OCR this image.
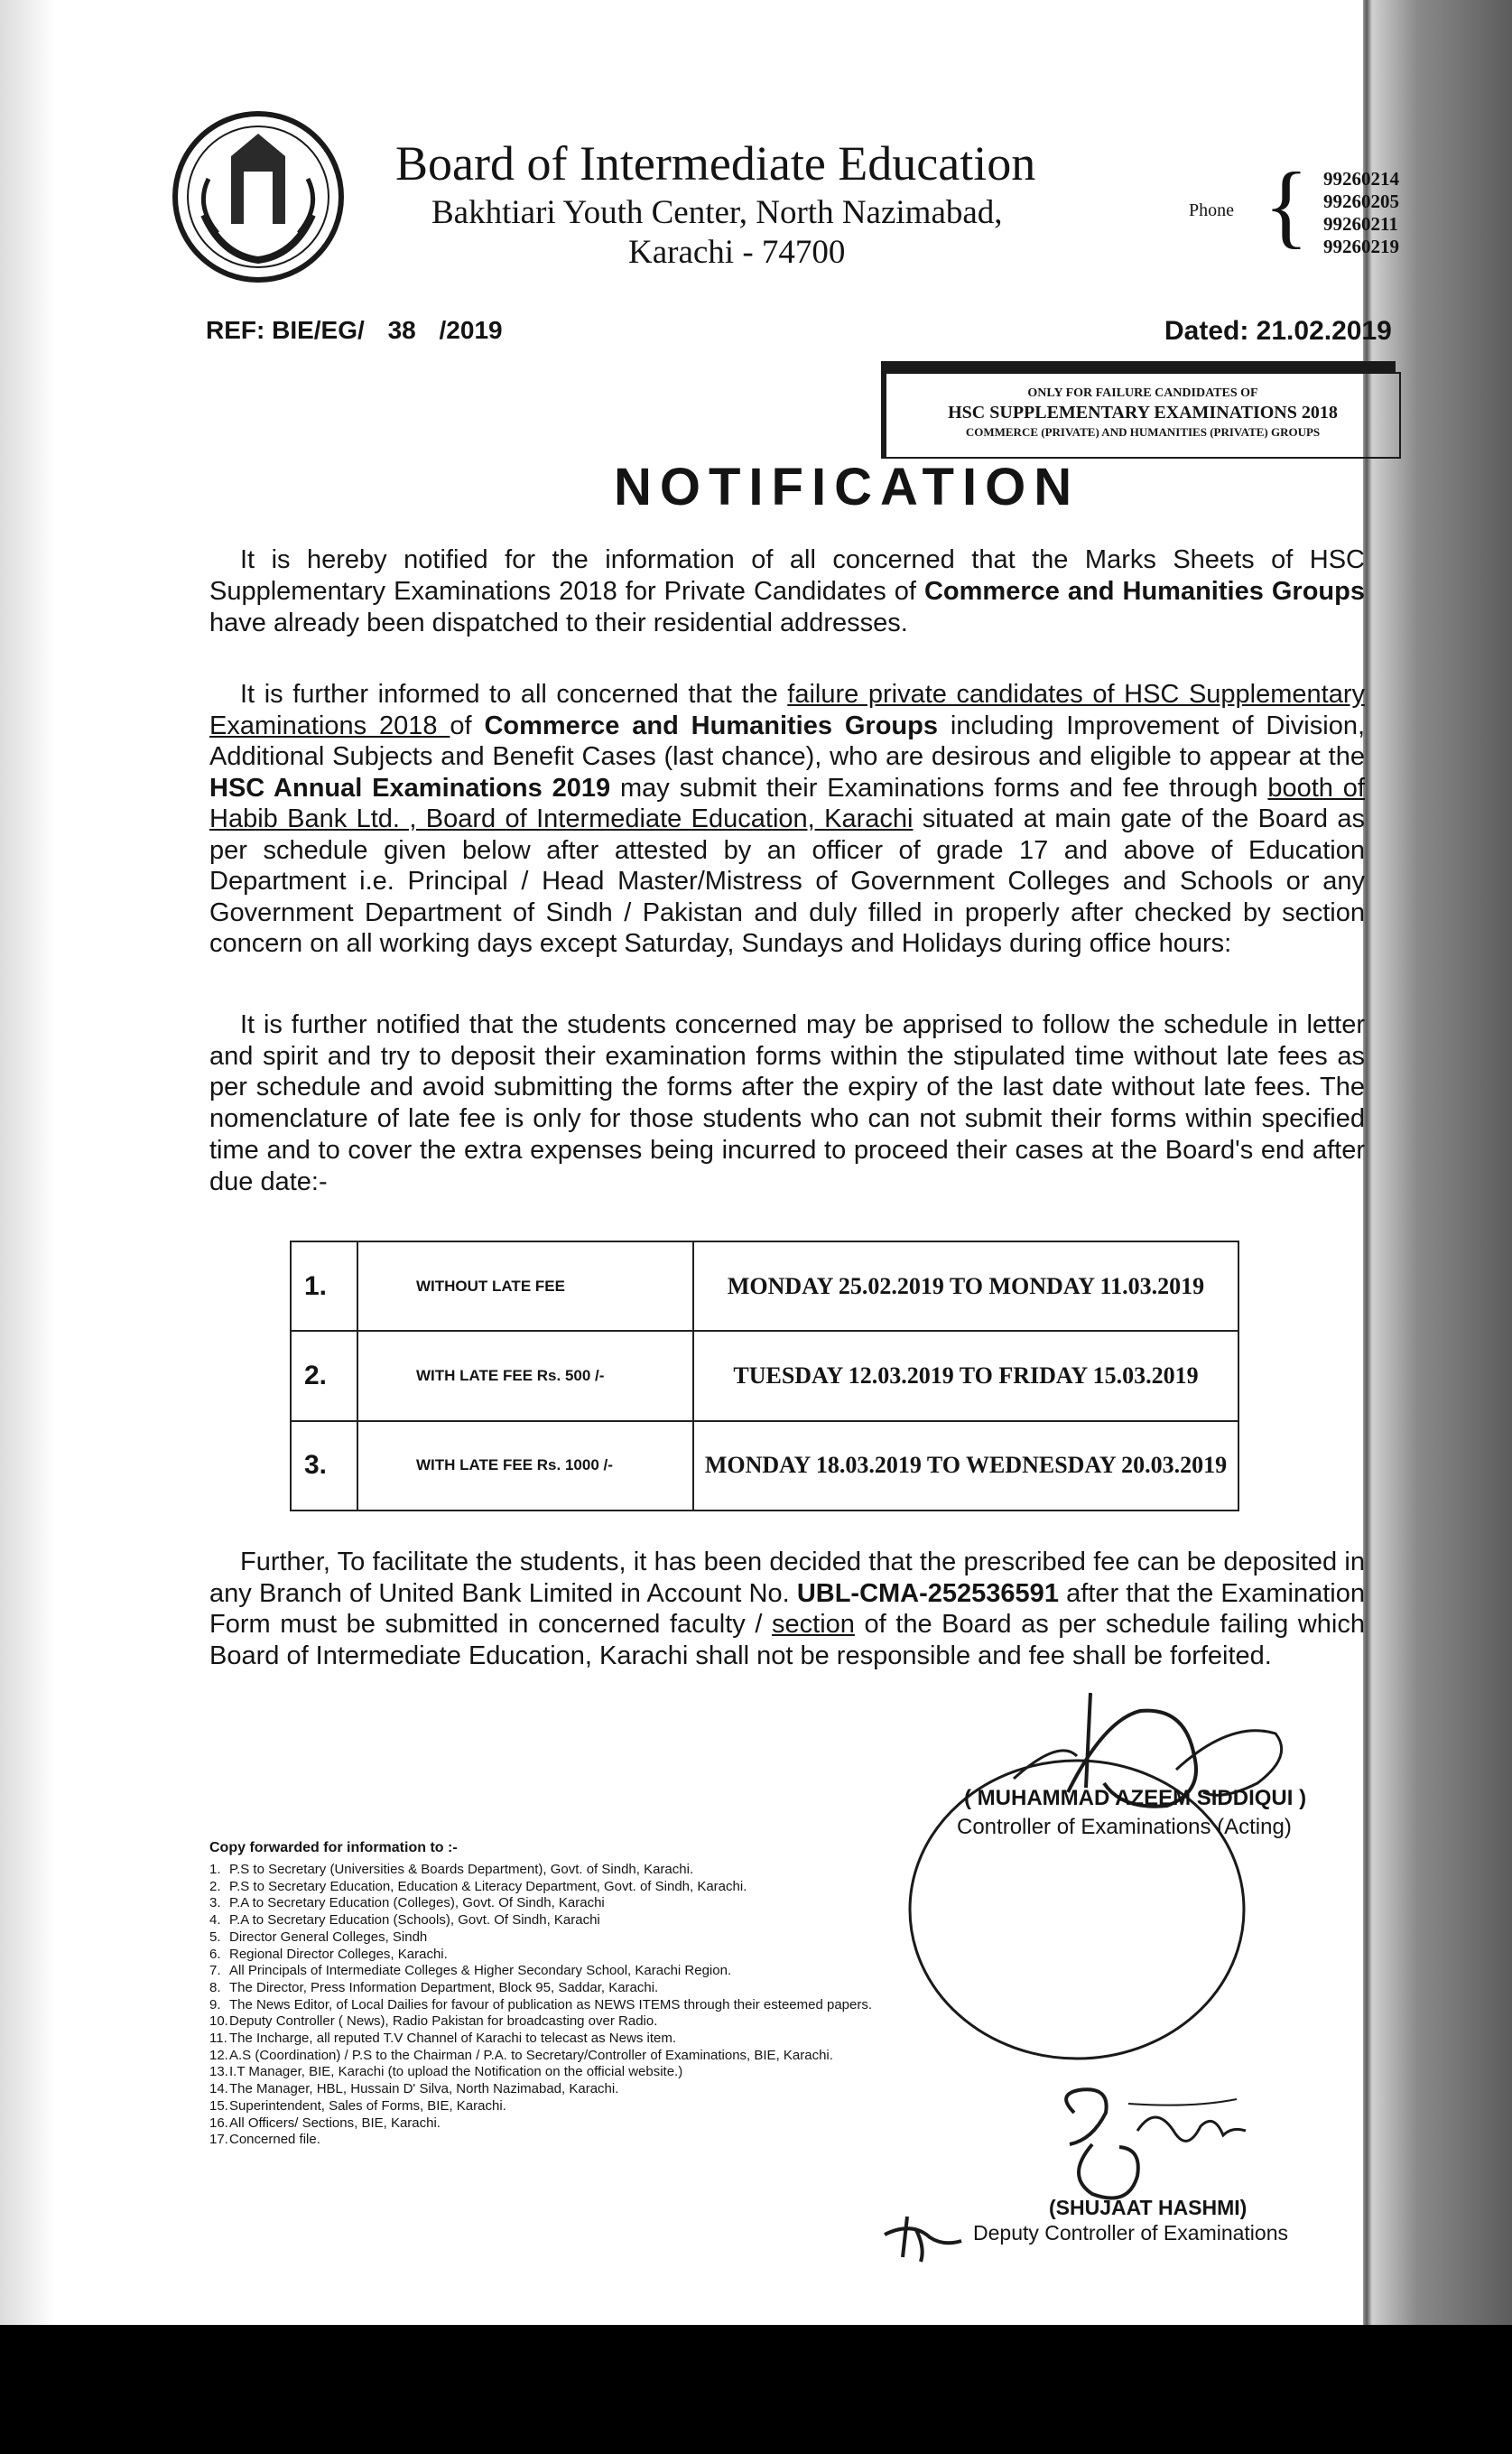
Board of Intermediate Education
Bakhtiari Youth Center, North Nazimabad,
Karachi - 74700
Phone { 99260214
99260205
99260211
99260219
REF: BIE/EG/ 38 /2019	Dated: 21.02.2019
ONLY FOR FAILURE CANDIDATES OF
HSC SUPPLEMENTARY EXAMINATIONS 2018
COMMERCE (PRIVATE) AND HUMANITIES (PRIVATE) GROUPS
NOTIFICATION
It is hereby notified for the information of all concerned that the Marks Sheets of HSC Supplementary Examinations 2018 for Private Candidates of Commerce and Humanities Groups have already been dispatched to their residential addresses.
It is further informed to all concerned that the failure private candidates of HSC Supplementary Examinations 2018 of Commerce and Humanities Groups including Improvement of Division, Additional Subjects and Benefit Cases (last chance), who are desirous and eligible to appear at the HSC Annual Examinations 2019 may submit their Examinations forms and fee through booth of Habib Bank Ltd. , Board of Intermediate Education, Karachi situated at main gate of the Board as per schedule given below after attested by an officer of grade 17 and above of Education Department i.e. Principal / Head Master/Mistress of Government Colleges and Schools or any Government Department of Sindh / Pakistan and duly filled in properly after checked by section concern on all working days except Saturday, Sundays and Holidays during office hours:
It is further notified that the students concerned may be apprised to follow the schedule in letter and spirit and try to deposit their examination forms within the stipulated time without late fees as per schedule and avoid submitting the forms after the expiry of the last date without late fees. The nomenclature of late fee is only for those students who can not submit their forms within specified time and to cover the extra expenses being incurred to proceed their cases at the Board's end after due date:-
1.	WITHOUT LATE FEE	MONDAY 25.02.2019 TO MONDAY 11.03.2019
2.	WITH LATE FEE Rs. 500 /-	TUESDAY 12.03.2019 TO FRIDAY 15.03.2019
3.	WITH LATE FEE Rs. 1000 /-	MONDAY 18.03.2019 TO WEDNESDAY 20.03.2019
Further, To facilitate the students, it has been decided that the prescribed fee can be deposited in any Branch of United Bank Limited in Account No. UBL-CMA-252536591 after that the Examination Form must be submitted in concerned faculty / section of the Board as per schedule failing which Board of Intermediate Education, Karachi shall not be responsible and fee shall be forfeited.
( MUHAMMAD AZEEM SIDDIQUI )
Controller of Examinations (Acting)
Copy forwarded for information to :-
1. P.S to Secretary (Universities & Boards Department), Govt. of Sindh, Karachi.
2. P.S to Secretary Education, Education & Literacy Department, Govt. of Sindh, Karachi.
3. P.A to Secretary Education (Colleges), Govt. Of Sindh, Karachi
4. P.A to Secretary Education (Schools), Govt. Of Sindh, Karachi
5. Director General Colleges, Sindh
6. Regional Director Colleges, Karachi.
7. All Principals of Intermediate Colleges & Higher Secondary School, Karachi Region.
8. The Director, Press Information Department, Block 95, Saddar, Karachi.
9. The News Editor, of Local Dailies for favour of publication as NEWS ITEMS through their esteemed papers.
10.Deputy Controller ( News), Radio Pakistan for broadcasting over Radio.
11. The Incharge, all reputed T.V Channel of Karachi to telecast as News item.
12.A.S (Coordination) / P.S to the Chairman / P.A. to Secretary/Controller of Examinations, BIE, Karachi.
13.I.T Manager, BIE, Karachi (to upload the Notification on the official website.)
14.The Manager, HBL, Hussain D' Silva, North Nazimabad, Karachi.
15.Superintendent, Sales of Forms, BIE, Karachi.
16.All Officers/ Sections, BIE, Karachi.
17.Concerned file.
(SHUJAAT HASHMI)
Deputy Controller of Examinations
